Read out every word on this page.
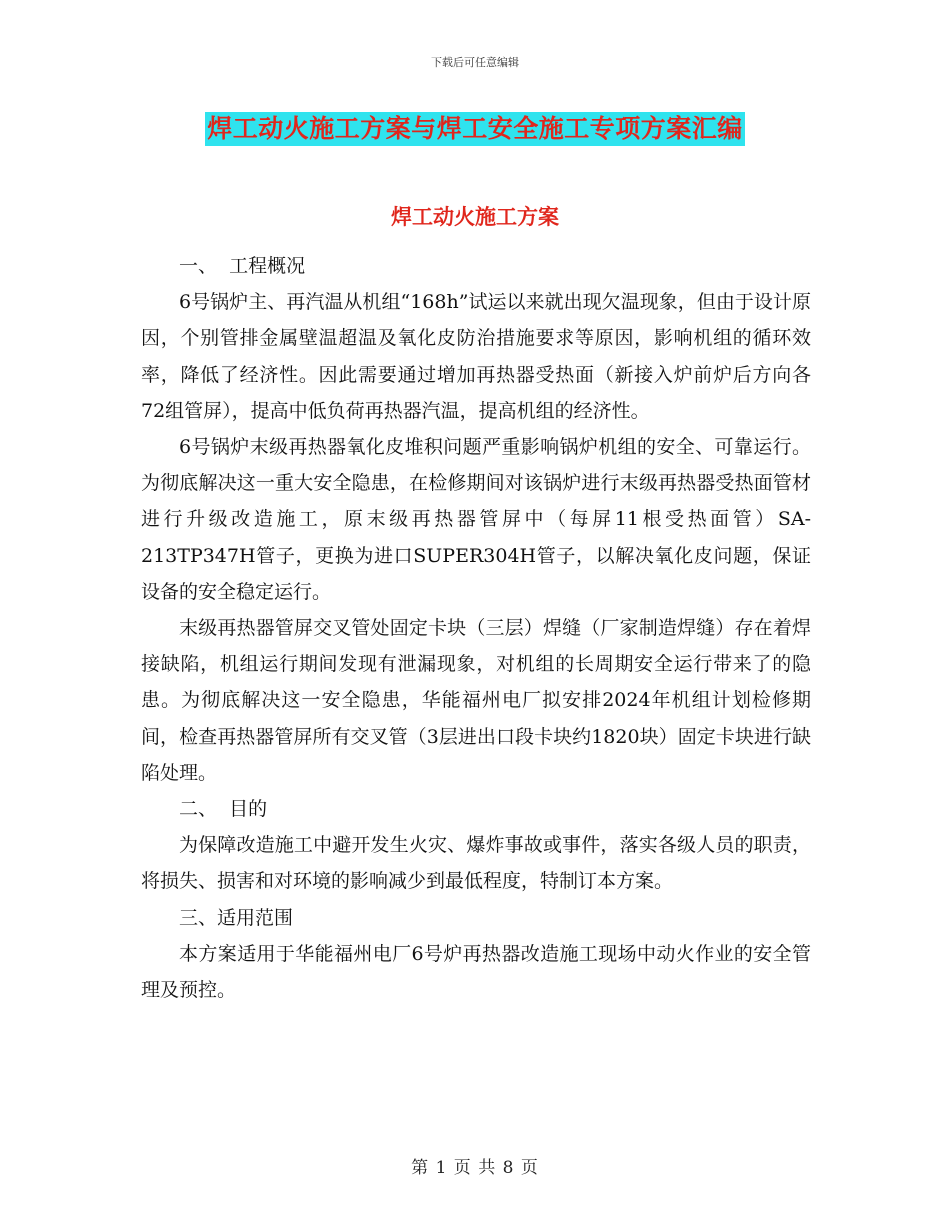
下载后可任意编辑
焊工动火施工方案与焊工安全施工专项方案汇编
焊工动火施工方案
一、  工程概况

6号锅炉主、再汽温从机组“168h”试运以来就出现欠温现象，但由于设计原因，个别管排金属壁温超温及氧化皮防治措施要求等原因，影响机组的循环效率，降低了经济性。因此需要通过增加再热器受热面（新接入炉前炉后方向各72组管屏），提高中低负荷再热器汽温，提高机组的经济性。

6号锅炉末级再热器氧化皮堆积问题严重影响锅炉机组的安全、可靠运行。为彻底解决这一重大安全隐患，在检修期间对该锅炉进行末级再热器受热面管材进行升级改造施工，原末级再热器管屏中（每屏11根受热面管）SA-213TP347H管子，更换为进口SUPER304H管子，以解决氧化皮问题，保证设备的安全稳定运行。

末级再热器管屏交叉管处固定卡块（三层）焊缝（厂家制造焊缝）存在着焊接缺陷，机组运行期间发现有泄漏现象，对机组的长周期安全运行带来了的隐患。为彻底解决这一安全隐患，华能福州电厂拟安排2024年机组计划检修期间，检查再热器管屏所有交叉管（3层进出口段卡块约1820块）固定卡块进行缺陷处理。

二、  目的

为保障改造施工中避开发生火灾、爆炸事故或事件，落实各级人员的职责，将损失、损害和对环境的影响减少到最低程度，特制订本方案。

三、适用范围

本方案适用于华能福州电厂6号炉再热器改造施工现场中动火作业的安全管理及预控。

第 1 页 共 8 页
